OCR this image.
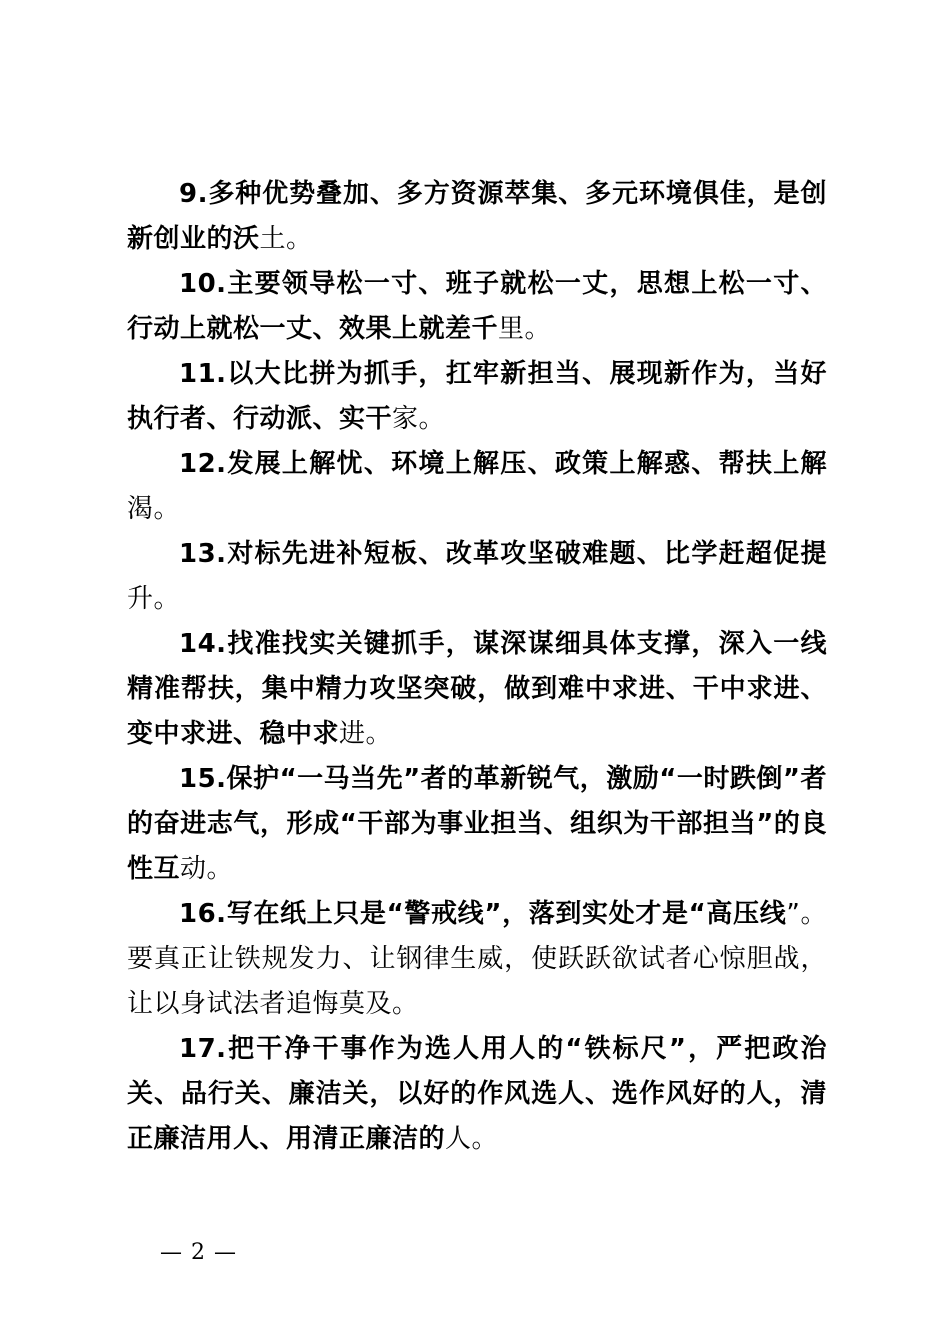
9.多种优势叠加、多方资源萃集、多元环境俱佳，是创新创业的沃土。

10.主要领导松一寸、班子就松一丈，思想上松一寸、行动上就松一丈、效果上就差千里。

11.以大比拼为抓手，扛牢新担当、展现新作为，当好执行者、行动派、实干家。

12.发展上解忧、环境上解压、政策上解惑、帮扶上解渴。

13.对标先进补短板、改革攻坚破难题、比学赶超促提升。

14.找准找实关键抓手，谋深谋细具体支撑，深入一线精准帮扶，集中精力攻坚突破，做到难中求进、干中求进、变中求进、稳中求进。

15.保护“一马当先”者的革新锐气，激励“一时跌倒”者的奋进志气，形成“干部为事业担当、组织为干部担当”的良性互动。

16.写在纸上只是“警戒线”，落到实处才是“高压线”。要真正让铁规发力、让钢律生威，使跃跃欲试者心惊胆战，让以身试法者追悔莫及。

17.把干净干事作为选人用人的“铁标尺”，严把政治关、品行关、廉洁关，以好的作风选人、选作风好的人，清正廉洁用人、用清正廉洁的人。

— 2 —
